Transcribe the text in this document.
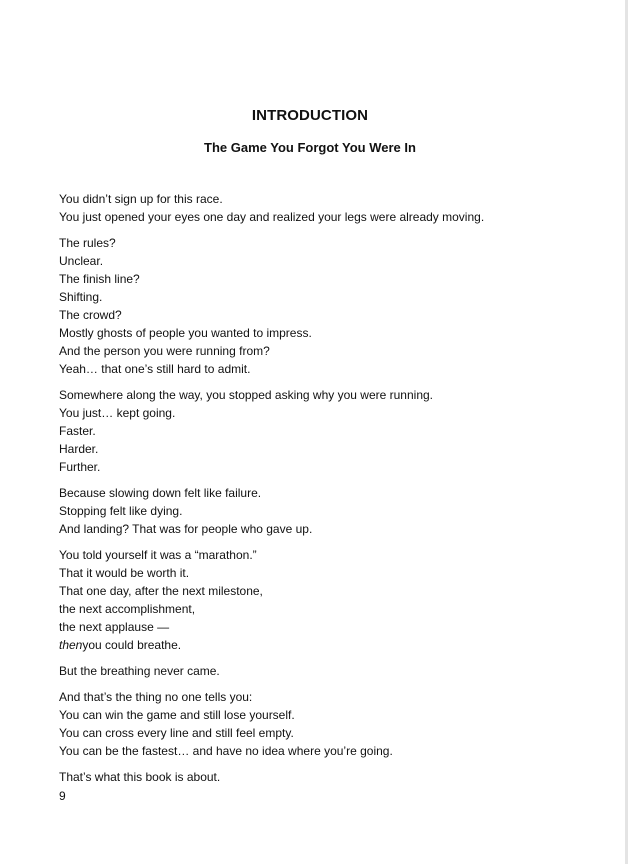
INTRODUCTION
The Game You Forgot You Were In

You didn’t sign up for this race.
You just opened your eyes one day and realized your legs were already moving.

The rules?
Unclear.
The finish line?
Shifting.
The crowd?
Mostly ghosts of people you wanted to impress.
And the person you were running from?
Yeah… that one’s still hard to admit.

Somewhere along the way, you stopped asking why you were running.
You just… kept going.
Faster.
Harder.
Further.

Because slowing down felt like failure.
Stopping felt like dying.
And landing? That was for people who gave up.

You told yourself it was a “marathon.”
That it would be worth it.
That one day, after the next milestone,
the next accomplishment,
the next applause —
thenyou could breathe.

But the breathing never came.

And that’s the thing no one tells you:
You can win the game and still lose yourself.
You can cross every line and still feel empty.
You can be the fastest… and have no idea where you’re going.

That’s what this book is about.

9
